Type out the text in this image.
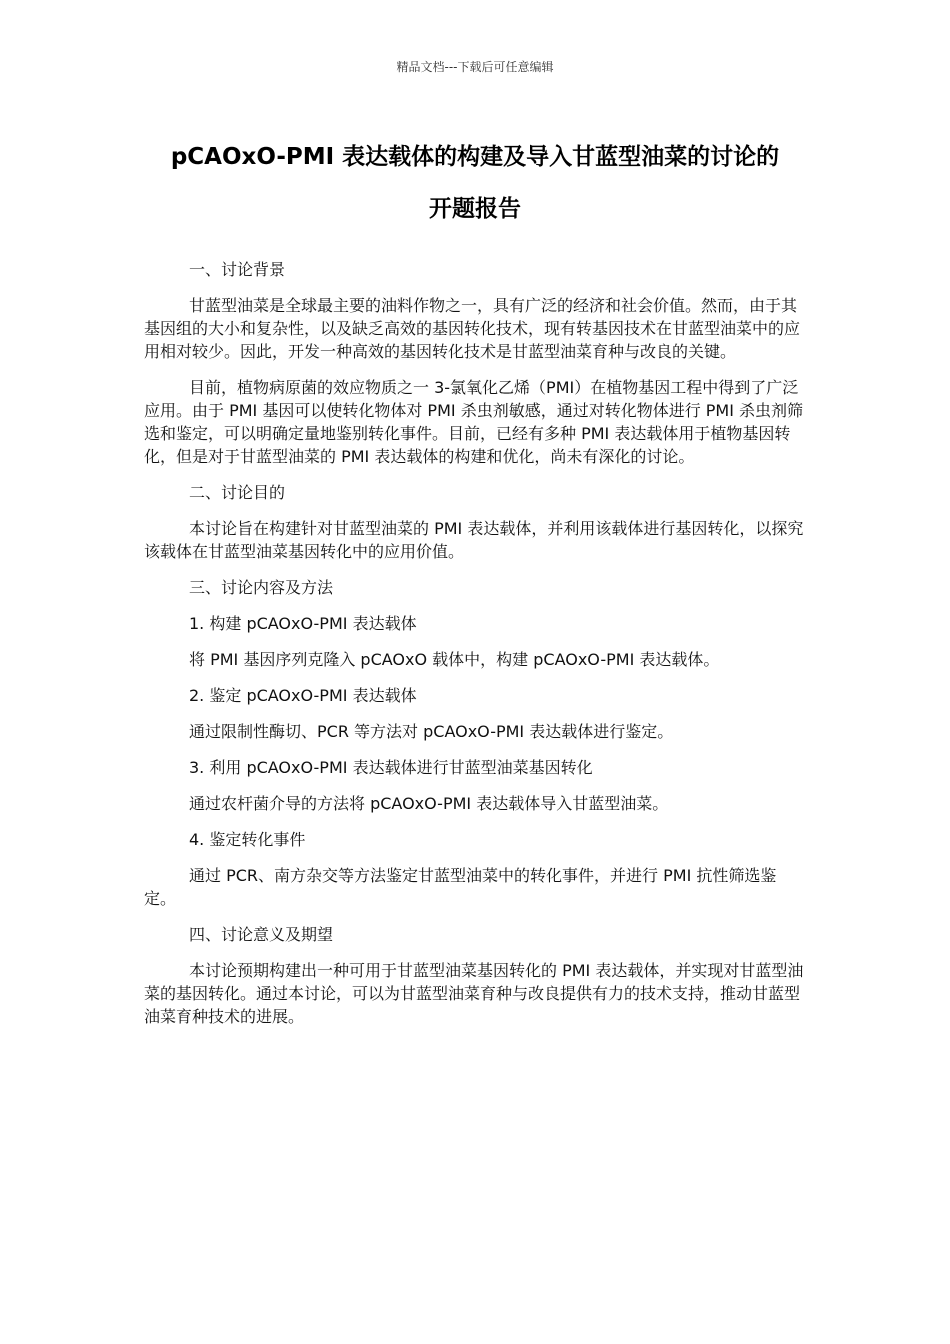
精品文档---下载后可任意编辑
pCAOxO-PMI 表达载体的构建及导入甘蓝型油菜的讨论的
开题报告

一、讨论背景

甘蓝型油菜是全球最主要的油料作物之一，具有广泛的经济和社会价值。然而，由于其基因组的大小和复杂性，以及缺乏高效的基因转化技术，现有转基因技术在甘蓝型油菜中的应用相对较少。因此，开发一种高效的基因转化技术是甘蓝型油菜育种与改良的关键。

目前，植物病原菌的效应物质之一 3-氯氧化乙烯（PMI）在植物基因工程中得到了广泛应用。由于 PMI 基因可以使转化物体对 PMI 杀虫剂敏感，通过对转化物体进行 PMI 杀虫剂筛选和鉴定，可以明确定量地鉴别转化事件。目前，已经有多种 PMI 表达载体用于植物基因转化，但是对于甘蓝型油菜的 PMI 表达载体的构建和优化，尚未有深化的讨论。

二、讨论目的

本讨论旨在构建针对甘蓝型油菜的 PMI 表达载体，并利用该载体进行基因转化，以探究该载体在甘蓝型油菜基因转化中的应用价值。

三、讨论内容及方法

1. 构建 pCAOxO-PMI 表达载体

将 PMI 基因序列克隆入 pCAOxO 载体中，构建 pCAOxO-PMI 表达载体。

2. 鉴定 pCAOxO-PMI 表达载体

通过限制性酶切、PCR 等方法对 pCAOxO-PMI 表达载体进行鉴定。

3. 利用 pCAOxO-PMI 表达载体进行甘蓝型油菜基因转化

通过农杆菌介导的方法将 pCAOxO-PMI 表达载体导入甘蓝型油菜。

4. 鉴定转化事件

通过 PCR、南方杂交等方法鉴定甘蓝型油菜中的转化事件，并进行 PMI 抗性筛选鉴定。

四、讨论意义及期望

本讨论预期构建出一种可用于甘蓝型油菜基因转化的 PMI 表达载体，并实现对甘蓝型油菜的基因转化。通过本讨论，可以为甘蓝型油菜育种与改良提供有力的技术支持，推动甘蓝型油菜育种技术的进展。
